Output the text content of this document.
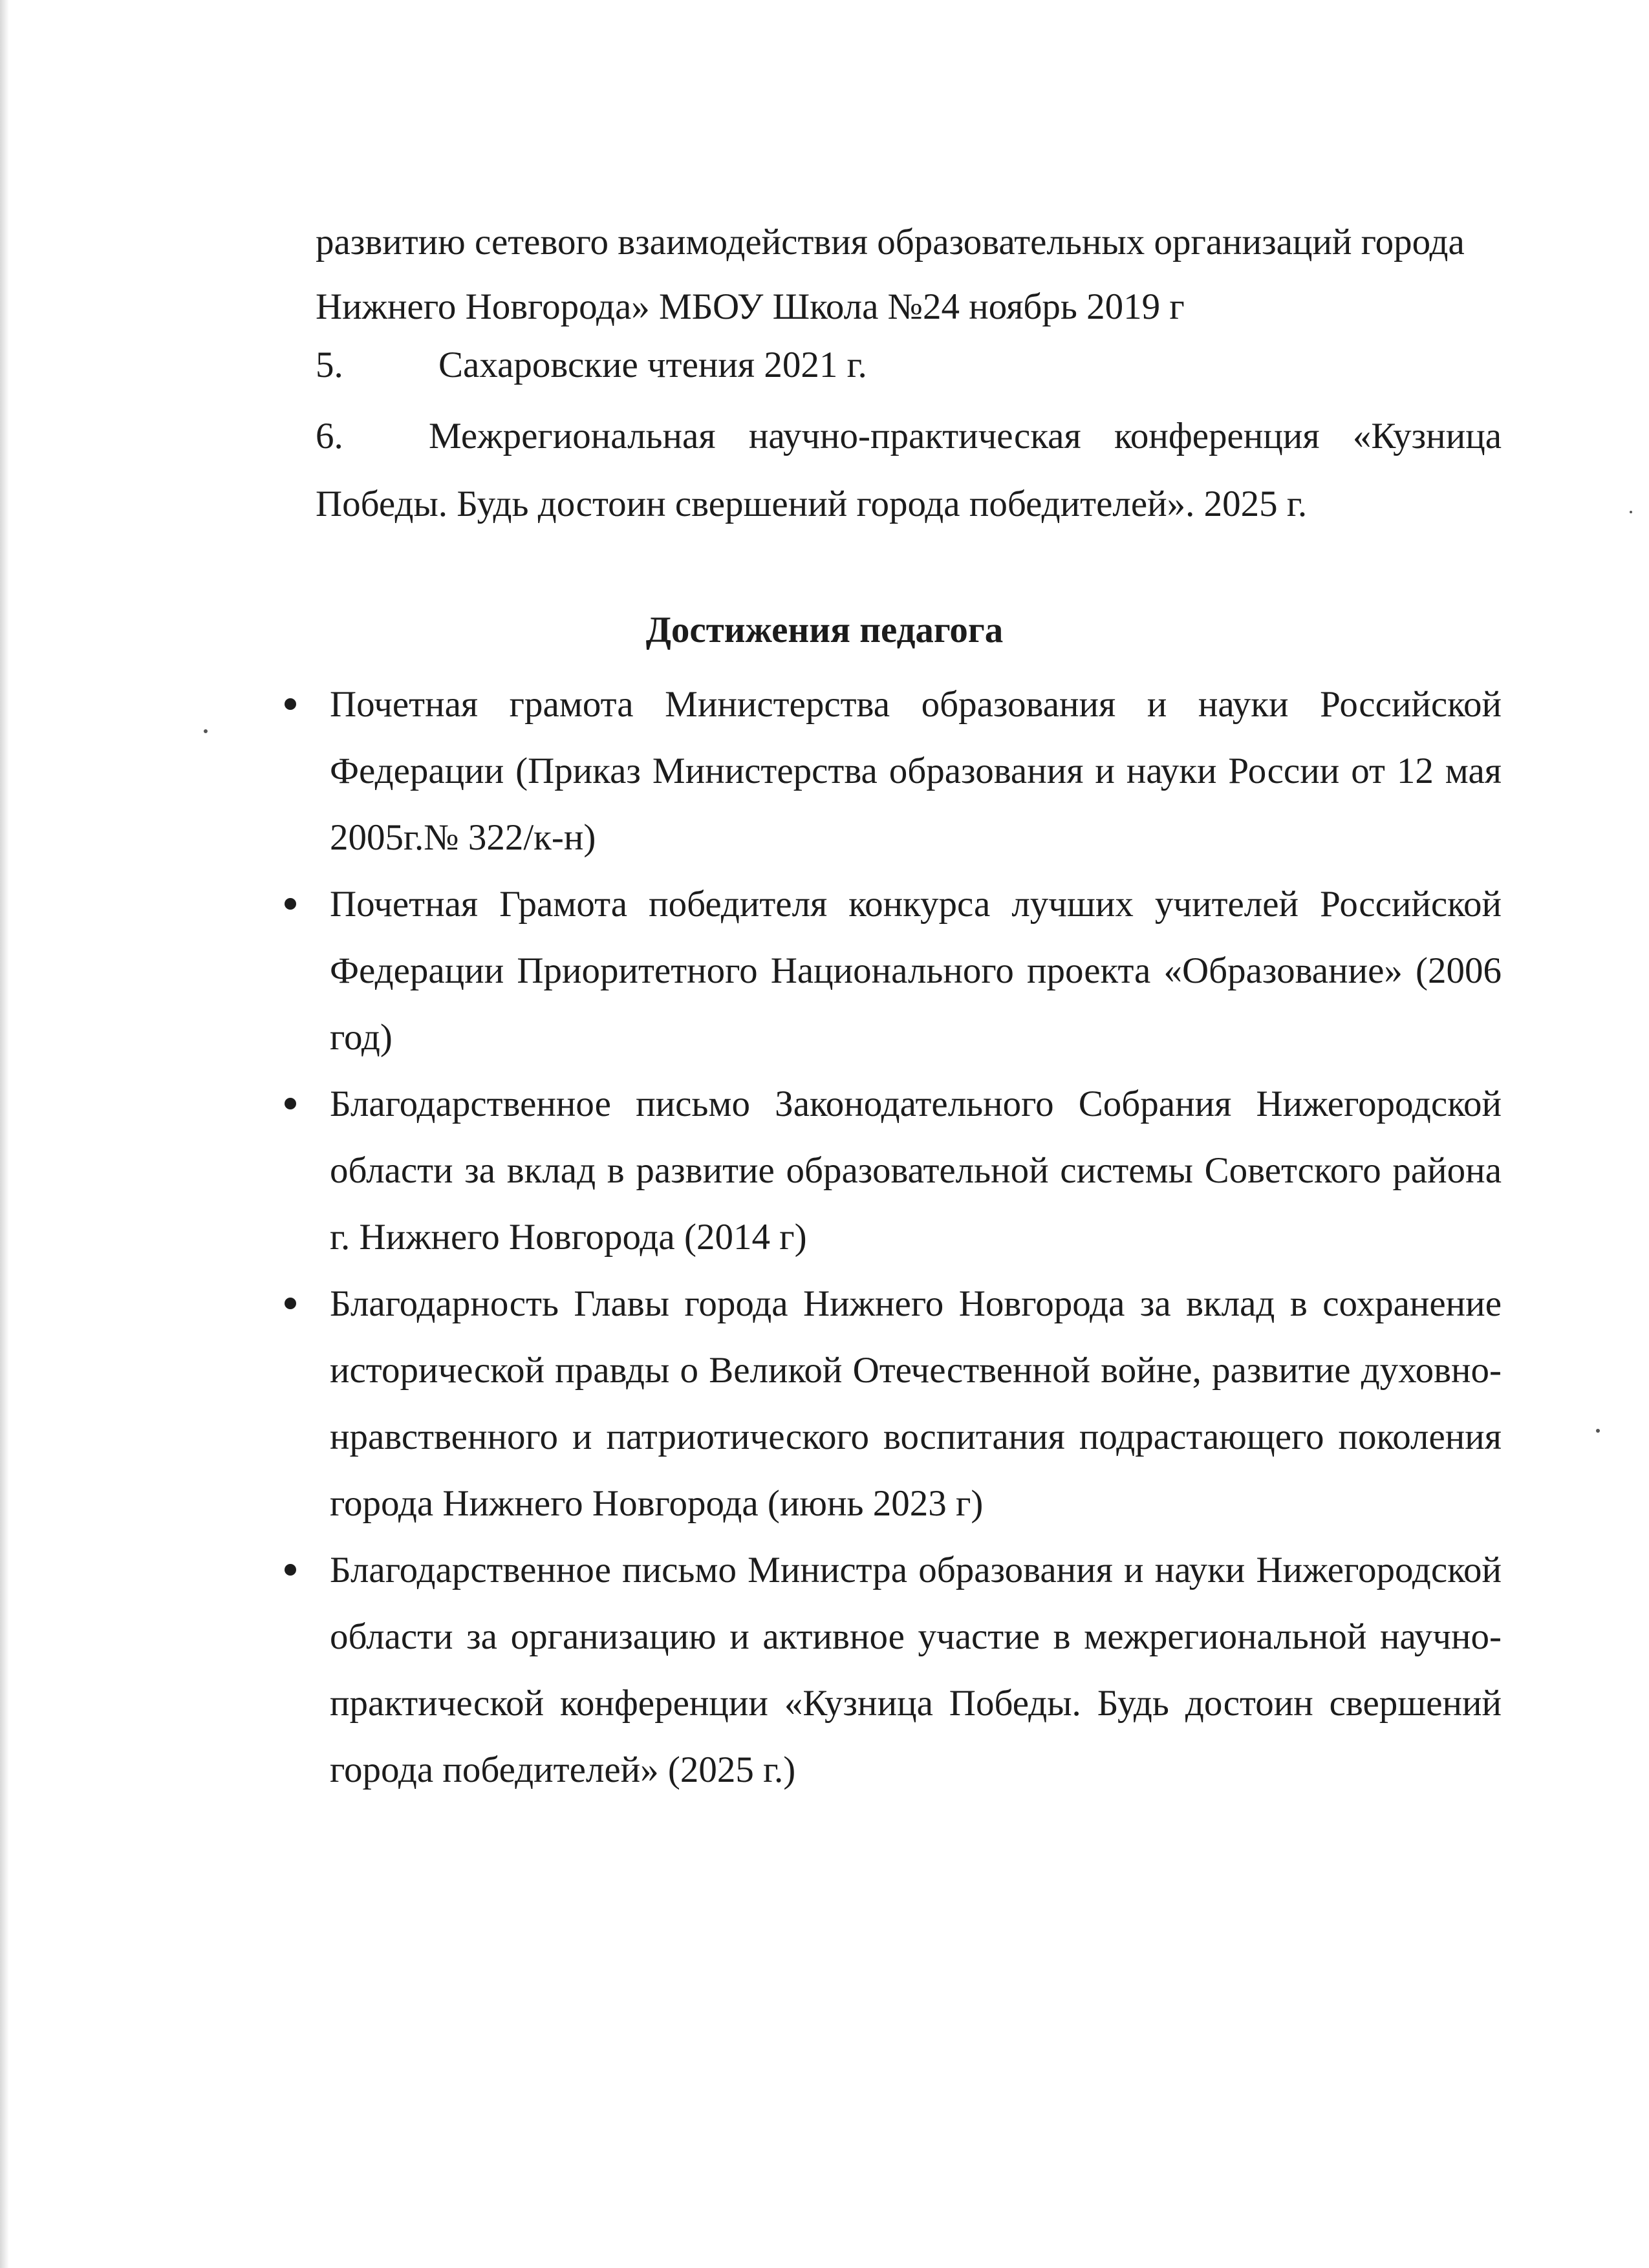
развитию сетевого взаимодействия образовательных организаций города
Нижнего Новгорода» МБОУ Школа №24 ноябрь 2019 г
5.	Сахаровские чтения 2021 г.
6. Межрегиональная научно-практическая конференция «Кузница
Победы. Будь достоин свершений города победителей». 2025 г.
Достижения педагога
Почетная грамота Министерства образования и науки Российской Федерации (Приказ Министерства образования и науки России от 12 мая 2005г.№ 322/к-н)
Почетная Грамота победителя конкурса лучших учителей Российской Федерации Приоритетного Национального проекта «Образование» (2006 год)
Благодарственное письмо Законодательного Собрания Нижегородской области за вклад в развитие образовательной системы Советского района г. Нижнего Новгорода (2014 г)
Благодарность Главы города Нижнего Новгорода за вклад в сохранение исторической правды о Великой Отечественной войне, развитие духовно-нравственного и патриотического воспитания подрастающего поколения города Нижнего Новгорода (июнь 2023 г)
Благодарственное письмо Министра образования и науки Нижегородской области за организацию и активное участие в межрегиональной научно-практической конференции «Кузница Победы. Будь достоин свершений города победителей» (2025 г.)
